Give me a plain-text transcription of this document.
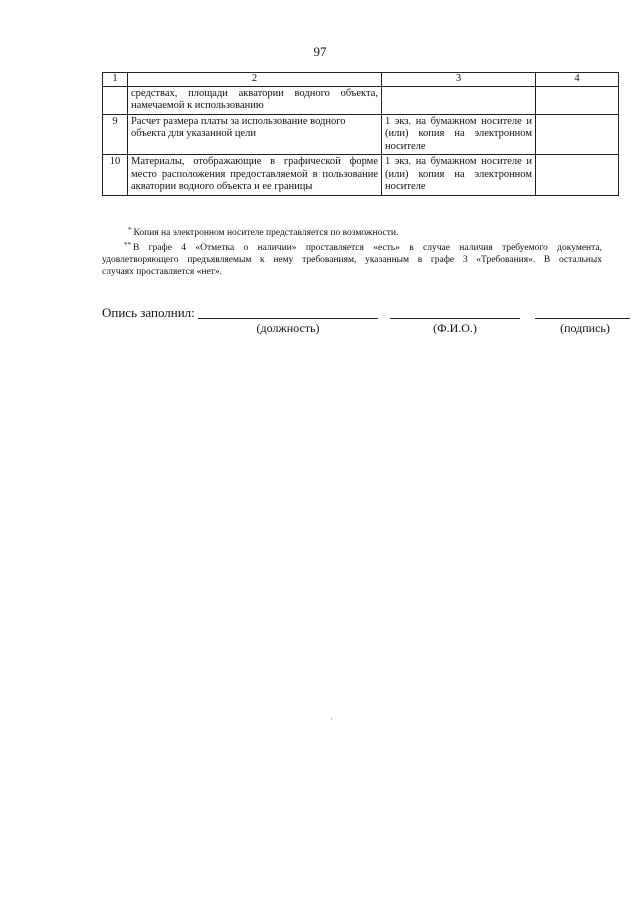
97
1	2	3	4
	средствах, площади акватории водного объекта, намечаемой к использованию		
9	Расчет размера платы за использование водного объекта для указанной цели	1 экз. на бумажном носителе и (или) копия на электронном носителе	
10	Материалы, отображающие в графической форме место расположения предоставляемой в пользование акватории водного объекта и ее границы	1 экз. на бумажном носителе и (или) копия на электронном носителе	

* Копия на электронном носителе представляется по возможности.

** В графе 4 «Отметка о наличии» проставляется «есть» в случае наличия требуемого документа,

удовлетворяющего предъявляемым к нему требованиям, указанным в графе 3 «Требования». В остальных

случаях проставляется «нет».

Опись заполнил:
(должность)	(Ф.И.О.)	(подпись)
